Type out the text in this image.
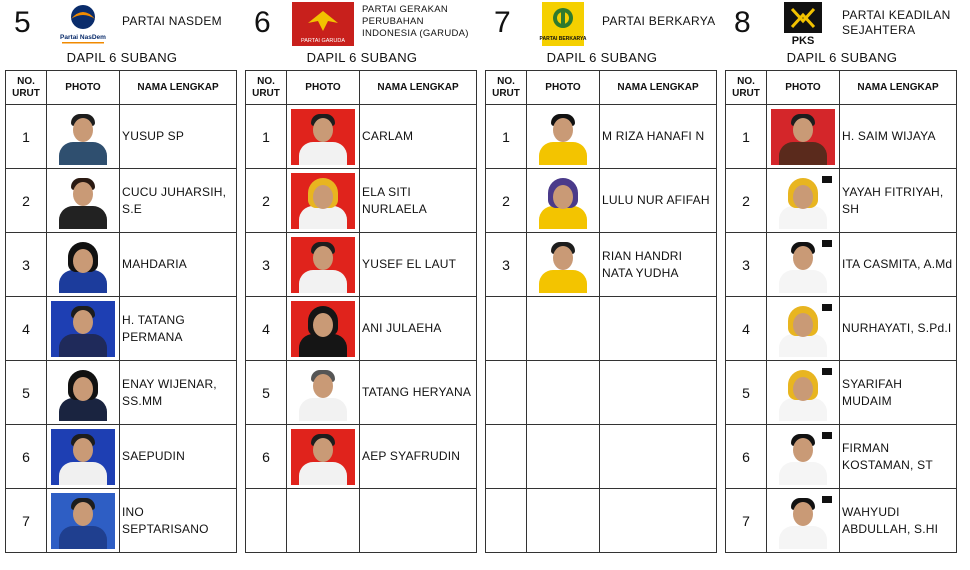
5	Partai NasDem
PARTAI NASDEM
DAPIL 6 SUBANG
NO. URUT	PHOTO	NAMA LENGKAP
1		YUSUP SP
2		CUCU JUHARSIH, S.E
3		MAHDARIA
4		H. TATANG PERMANA
5		ENAY WIJENAR, SS.MM
6		SAEPUDIN
7		INO SEPTARISANO
6
PARTAI GARUDA
PARTAI GERAKAN PERUBAHAN INDONESIA (GARUDA)
DAPIL 6 SUBANG
NO. URUT	PHOTO	NAMA LENGKAP
1		CARLAM
2		ELA SITI NURLAELA
3		YUSEF EL LAUT
4		ANI JULAEHA
5		TATANG HERYANA
6		AEP SYAFRUDIN

7	PARTAI BERKARYA
PARTAI BERKARYA
DAPIL 6 SUBANG
NO. URUT	PHOTO	NAMA LENGKAP
1		M RIZA HANAFI N
2		LULU NUR AFIFAH
3		RIAN HANDRI NATA YUDHA

8
PKS
PARTAI KEADILAN SEJAHTERA
DAPIL 6 SUBANG
NO. URUT	PHOTO	NAMA LENGKAP
1		H. SAIM WIJAYA
2		YAYAH FITRIYAH, SH
3		ITA CASMITA, A.Md
4		NURHAYATI, S.Pd.I
5		SYARIFAH MUDAIM
6		FIRMAN KOSTAMAN, ST
7		WAHYUDI ABDULLAH, S.HI
